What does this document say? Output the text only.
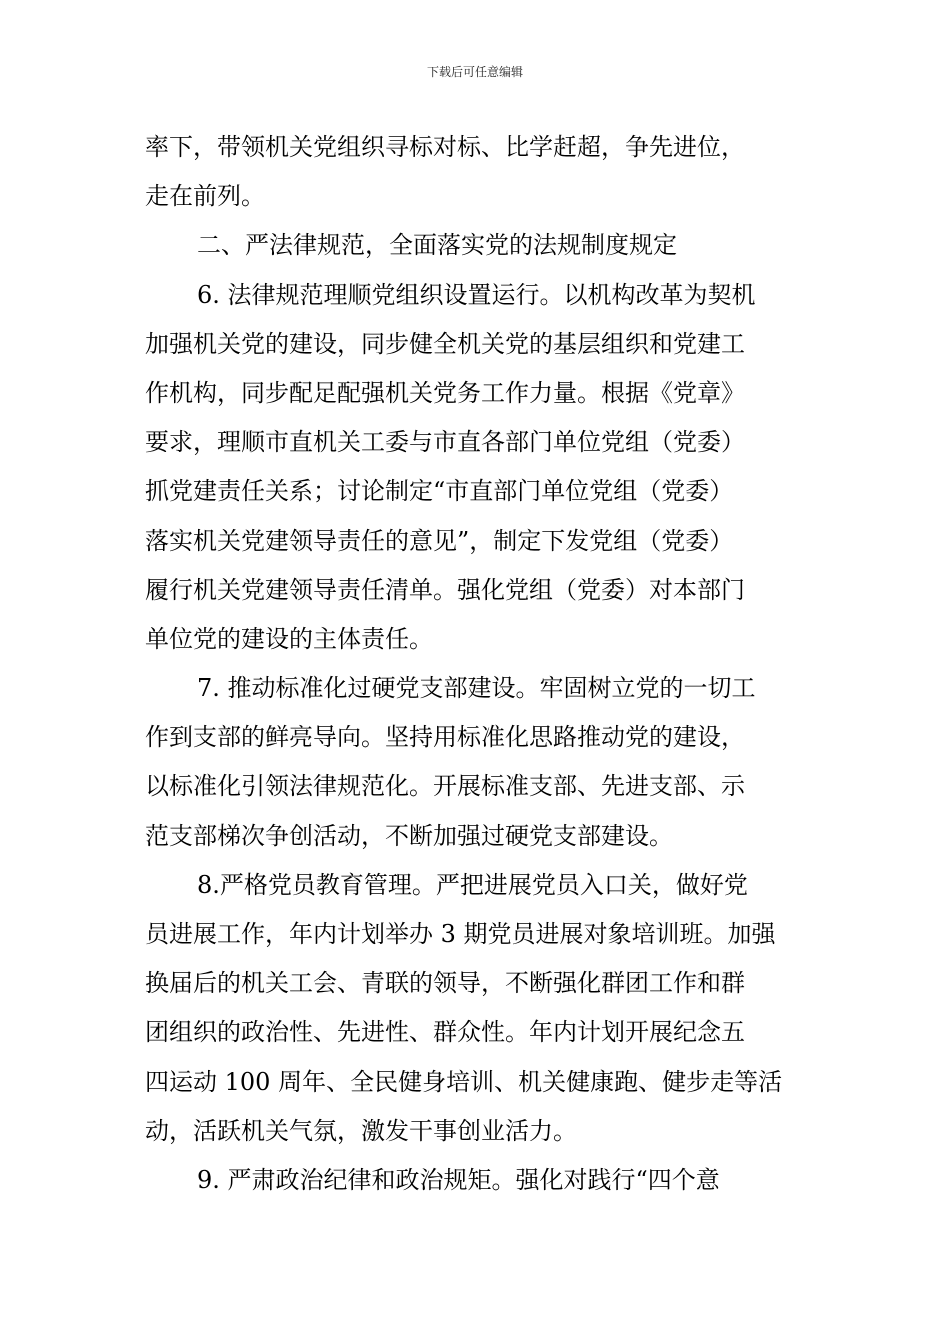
下载后可任意编辑
率下，带领机关党组织寻标对标、比学赶超，争先进位，
走在前列。
二、严法律规范，全面落实党的法规制度规定
6. 法律规范理顺党组织设置运行。以机构改革为契机
加强机关党的建设，同步健全机关党的基层组织和党建工
作机构，同步配足配强机关党务工作力量。根据《党章》
要求，理顺市直机关工委与市直各部门单位党组（党委）
抓党建责任关系；讨论制定“市直部门单位党组（党委）
落实机关党建领导责任的意见”，制定下发党组（党委）
履行机关党建领导责任清单。强化党组（党委）对本部门
单位党的建设的主体责任。
7. 推动标准化过硬党支部建设。牢固树立党的一切工
作到支部的鲜亮导向。坚持用标准化思路推动党的建设，
以标准化引领法律规范化。开展标准支部、先进支部、示
范支部梯次争创活动，不断加强过硬党支部建设。
8.严格党员教育管理。严把进展党员入口关，做好党
员进展工作，年内计划举办 3 期党员进展对象培训班。加强
换届后的机关工会、青联的领导，不断强化群团工作和群
团组织的政治性、先进性、群众性。年内计划开展纪念五
四运动 100 周年、全民健身培训、机关健康跑、健步走等活
动，活跃机关气氛，激发干事创业活力。
9. 严肃政治纪律和政治规矩。强化对践行“四个意
